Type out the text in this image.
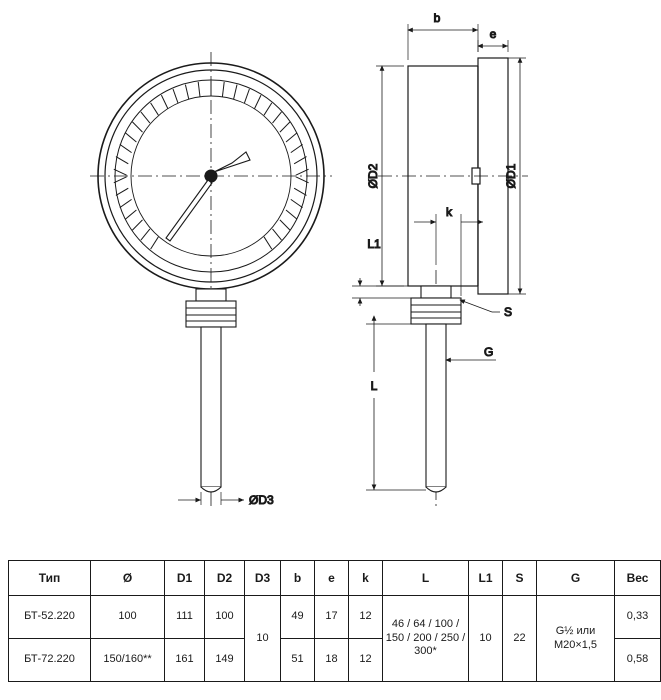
ØD3
b
e
ØD2	ØD1
k
L1
L
S
G
Тип	Ø	D1	D2	D3	b	e	k	L	L1	S	G	Вес
БТ-52.220	100	111	100	10	49	17	12	46 / 64 / 100 / 150 / 200 / 250 / 300*	10	22	G½ или М20×1,5	0,33
БТ-72.220	150/160**	161	149		51	18	12					0,58
